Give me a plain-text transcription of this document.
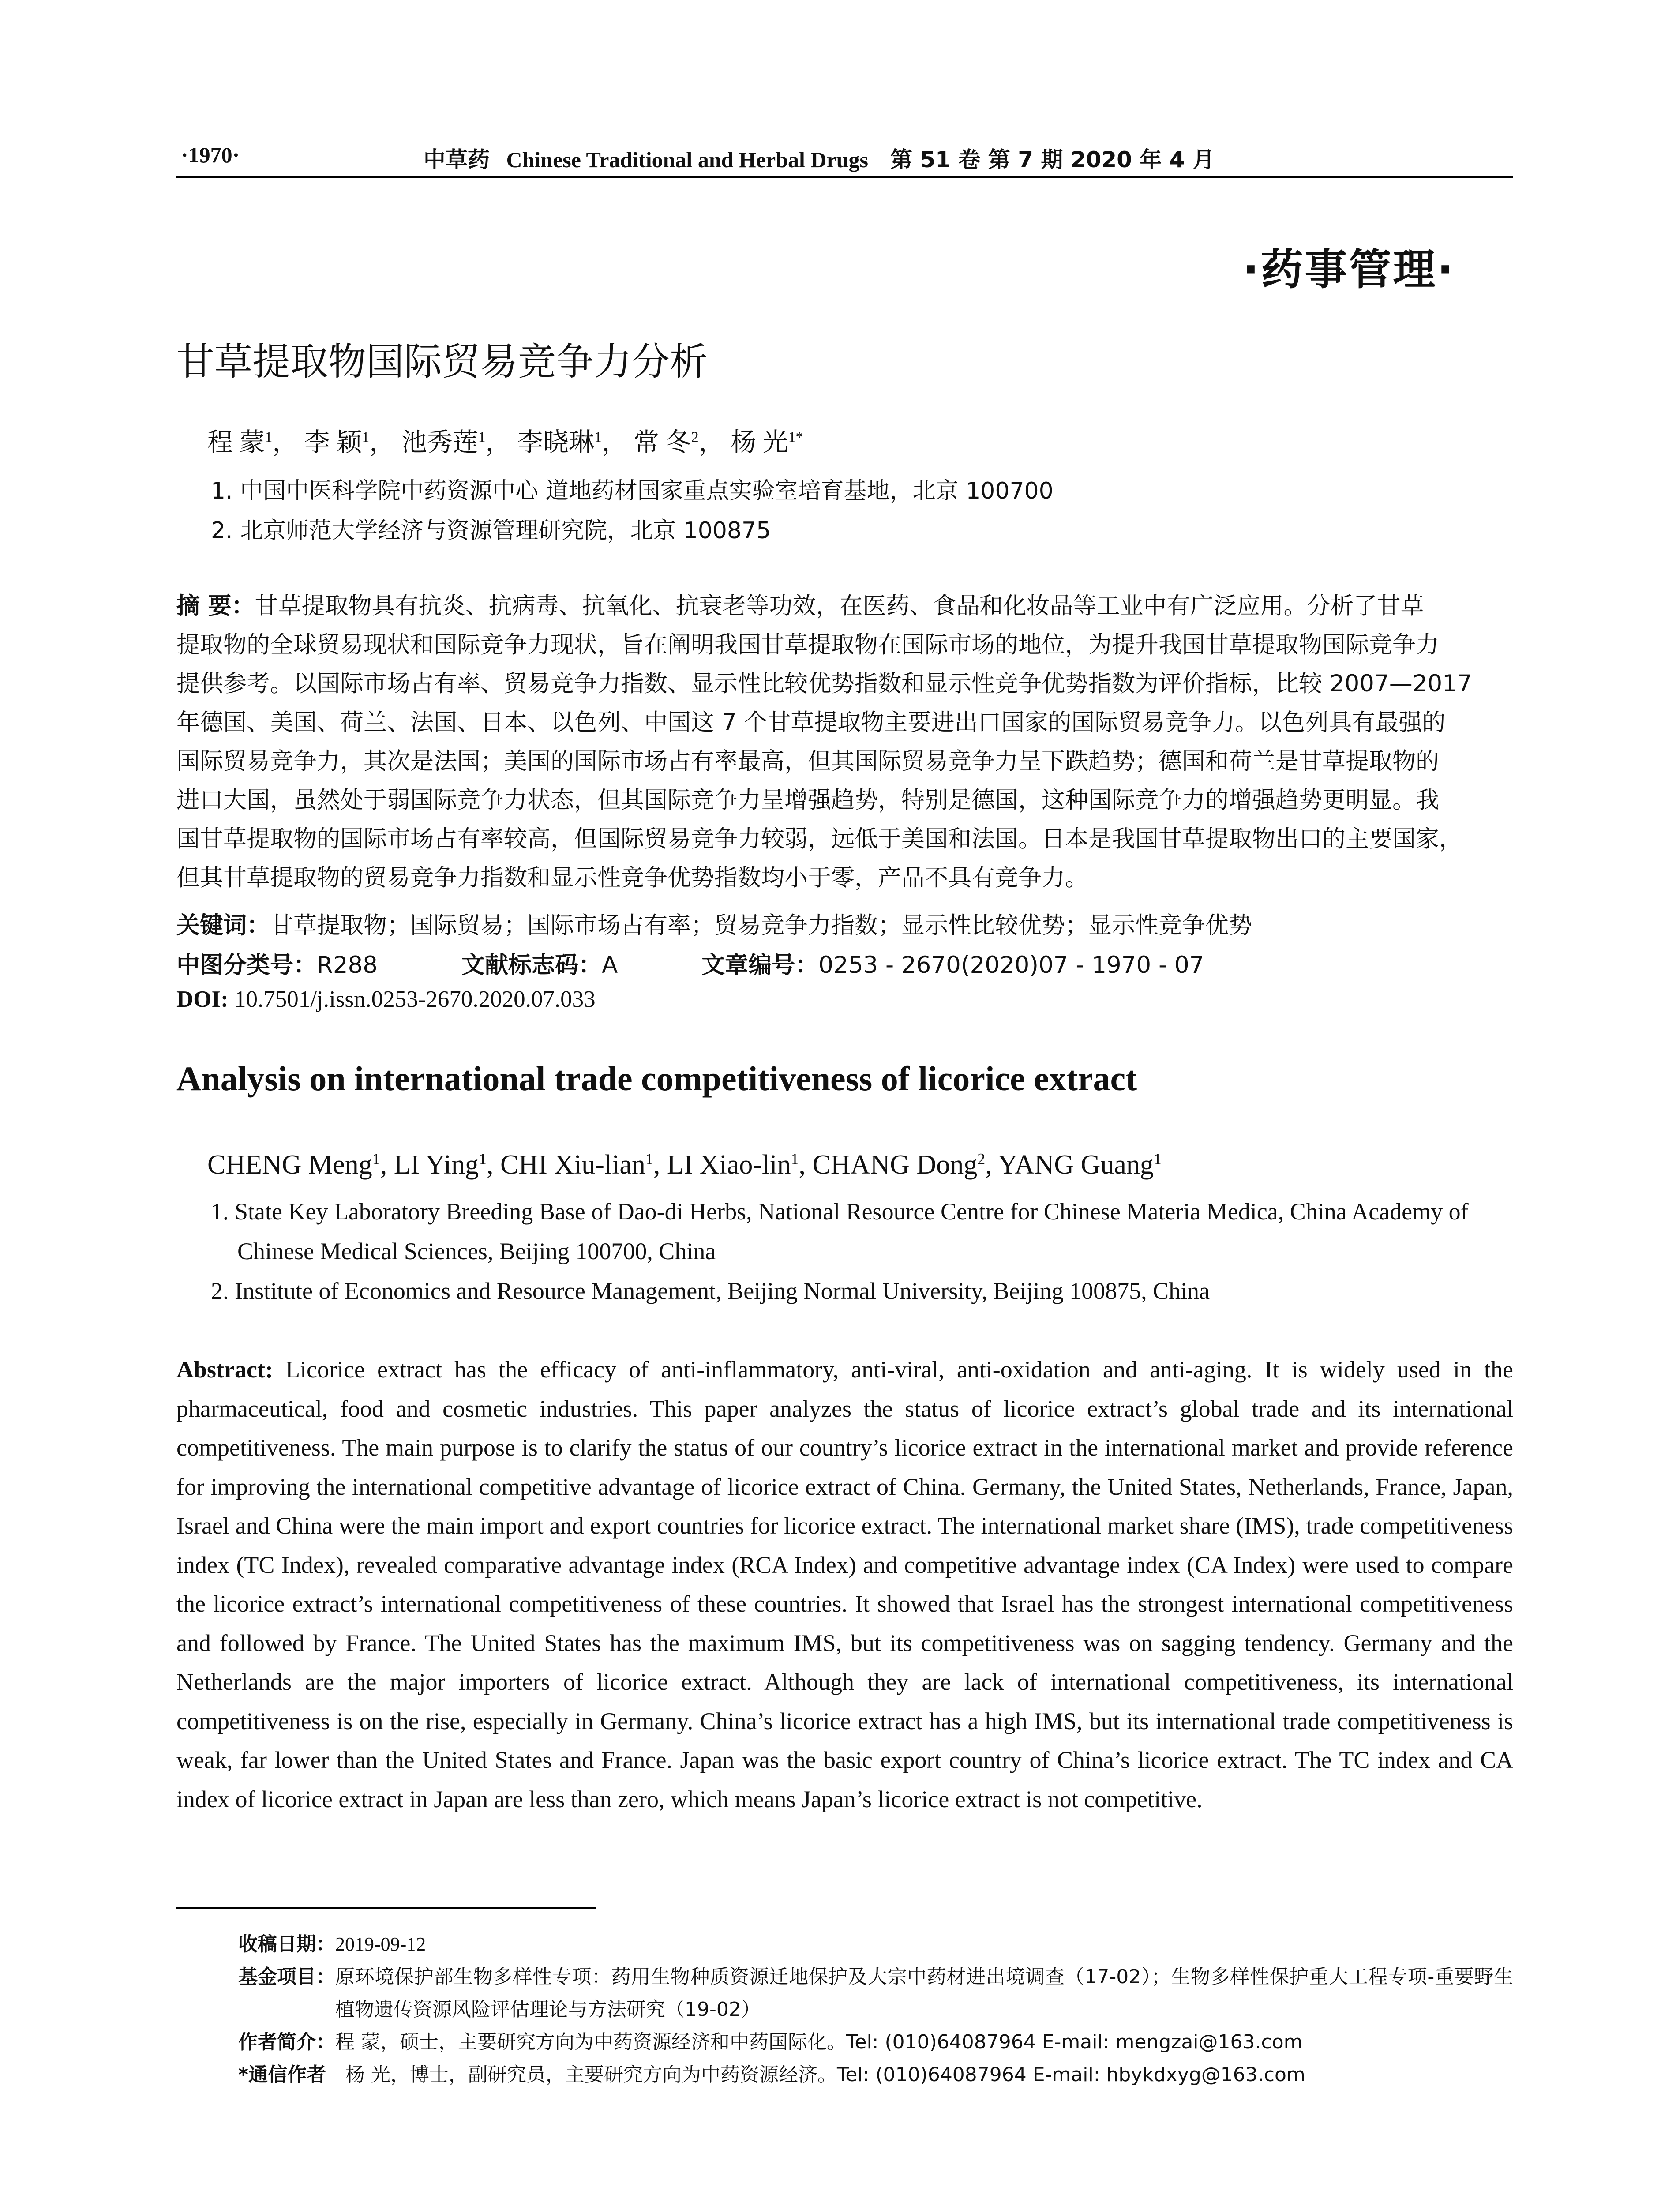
·1970·	中草药 Chinese Traditional and Herbal Drugs 第 51 卷 第 7 期 2020 年 4 月
·药事管理·
甘草提取物国际贸易竞争力分析
程 蒙$^1$， 李 颖$^1$， 池秀莲$^1$， 李晓琳$^1$， 常 冬$^2$， 杨 光$^{1*}$
1. 中国中医科学院中药资源中心 道地药材国家重点实验室培育基地，北京 100700
2. 北京师范大学经济与资源管理研究院，北京 100875
摘 要：甘草提取物具有抗炎、抗病毒、抗氧化、抗衰老等功效，在医药、食品和化妆品等工业中有广泛应用。分析了甘草
提取物的全球贸易现状和国际竞争力现状，旨在阐明我国甘草提取物在国际市场的地位，为提升我国甘草提取物国际竞争力
提供参考。以国际市场占有率、贸易竞争力指数、显示性比较优势指数和显示性竞争优势指数为评价指标，比较 2007—2017
年德国、美国、荷兰、法国、日本、以色列、中国这 7 个甘草提取物主要进出口国家的国际贸易竞争力。以色列具有最强的
国际贸易竞争力，其次是法国；美国的国际市场占有率最高，但其国际贸易竞争力呈下跌趋势；德国和荷兰是甘草提取物的
进口大国，虽然处于弱国际竞争力状态，但其国际竞争力呈增强趋势，特别是德国，这种国际竞争力的增强趋势更明显。我
国甘草提取物的国际市场占有率较高，但国际贸易竞争力较弱，远低于美国和法国。日本是我国甘草提取物出口的主要国家，
但其甘草提取物的贸易竞争力指数和显示性竞争优势指数均小于零，产品不具有竞争力。
关键词：甘草提取物；国际贸易；国际市场占有率；贸易竞争力指数；显示性比较优势；显示性竞争优势
中图分类号：R288	文献标志码：A	文章编号：0253 - 2670(2020)07 - 1970 - 07
DOI: 10.7501/j.issn.0253-2670.2020.07.033
Analysis on international trade competitiveness of licorice extract
CHENG Meng$^1$, LI Ying$^1$, CHI Xiu-lian$^1$, LI Xiao-lin$^1$, CHANG Dong$^2$, YANG Guang$^1$
1. State Key Laboratory Breeding Base of Dao-di Herbs, National Resource Centre for Chinese Materia Medica, China Academy of
Chinese Medical Sciences, Beijing 100700, China
2. Institute of Economics and Resource Management, Beijing Normal University, Beijing 100875, China
Abstract: Licorice extract has the efficacy of anti-inflammatory, anti-viral, anti-oxidation and anti-aging. It is widely used in the pharmaceutical, food and cosmetic industries. This paper analyzes the status of licorice extract’s global trade and its international competitiveness. The main purpose is to clarify the status of our country’s licorice extract in the international market and provide reference for improving the international competitive advantage of licorice extract of China. Germany, the United States, Netherlands, France, Japan, Israel and China were the main import and export countries for licorice extract. The international market share (IMS), trade competitiveness index (TC Index), revealed comparative advantage index (RCA Index) and competitive advantage index (CA Index) were used to compare the licorice extract’s international competitiveness of these countries. It showed that Israel has the strongest international competitiveness and followed by France. The United States has the maximum IMS, but its competitiveness was on sagging tendency. Germany and the Netherlands are the major importers of licorice extract. Although they are lack of international competitiveness, its international competitiveness is on the rise, especially in Germany. China’s licorice extract has a high IMS, but its international trade competitiveness is weak, far lower than the United States and France. Japan was the basic export country of China’s licorice extract. The TC index and CA index of licorice extract in Japan are less than zero, which means Japan’s licorice extract is not competitive.
收稿日期：2019-09-12
基金项目： 原环境保护部生物多样性专项：药用生物种质资源迁地保护及大宗中药材进出境调查（17-02）；生物多样性保护重大工程专项-重要野生植物遗传资源风险评估理论与方法研究（19-02）
作者简介： 程 蒙，硕士，主要研究方向为中药资源经济和中药国际化。Tel: (010)64087964 E-mail: mengzai@163.com
*通信作者 杨 光，博士，副研究员，主要研究方向为中药资源经济。Tel: (010)64087964 E-mail: hbykdxyg@163.com
